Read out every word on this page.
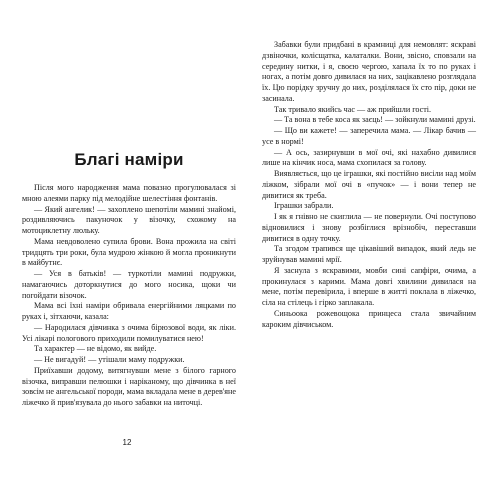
Забавки були придбані в крамниці для немовлят: яскраві дзвіночки, колісщатка, калаталки. Вони, звісно, сповзали на середину нитки, і я, своєю чергою, хапала їх то по руках і ногах, а потім довго дивилася на них, зацікавлено розглядала їх. Цю порідку зручну до них, розділялася їх сто пір, доки не засинала.

Так тривало якийсь час — аж прийшли гості.

— Та вона в тебе коса як заєць! — зойкнули мамині друзі.

— Що ви кажете! — заперечила мама. — Лікар бачив — усе в нормі!

— А ось, зазирнувши в мої очі, які нахабно дивилися лише на кінчик носа, мама схопилася за голову.

Виявляється, що це іграшки, які постійно висіли над моїм ліжком, зібрали мої очі в «пучок» — і вони тепер не дивитися як треба.

Іграшки забрали.

І як я гнівно не скиглила — не повернули. Очі поступово відновилися і знову розбіглися врізнобіч, переставши дивитися в одну точку.

Та згодом трапився ще цікавіший випадок, який ледь не зруйнував мамині мрії.

Я заснула з яскравими, мовби сині сапфіри, очима, а прокинулася з карими. Мама довгі хвилини дивилася на мене, потім перевірила, і вперше в житті поклала в ліжечко, сіла на стілець і гірко заплакала.

Синьоока рожевощока принцеса стала звичайним кароким дівчиськом.

Благі наміри

Після мого народження мама повазно прогулювалася зі мною алеями парку під мелодійне шелестіння фонтанів.

— Який ангелик! — захоплено шепотіли мамині знайомі, роздивляючись пакуночок у візочку, схожому на мотоциклетну люльку.

Мама невдоволено супила брови. Вона прожила на світі тридцять три роки, була мудрою жінкою й могла проникнути в майбутнє.

— Уся в батьків! — туркотіли мамині подружки, намагаючись доторкнутися до мого носика, щоки чи погойдати візочок.

Мама всі їхні наміри обривала енергійними ляцками по руках і, зітхаючи, казала:

— Народилася дівчинка з очима бірюзової води, як ліки. Усі лікарі пологового приходили помилуватися нею!

Та характер — не відомо, як вийде.

— Не вигадуй! — утішали маму подружки.

Приїхавши додому, витягнувши мене з білого гарного візочка, виправши пелюшки і наріканому, що дівчинка в неї зовсім не ангельської породи, мама вкладала мене в дерев'яне ліжечко й прив'язувала до нього забавки на ниточці.

12
